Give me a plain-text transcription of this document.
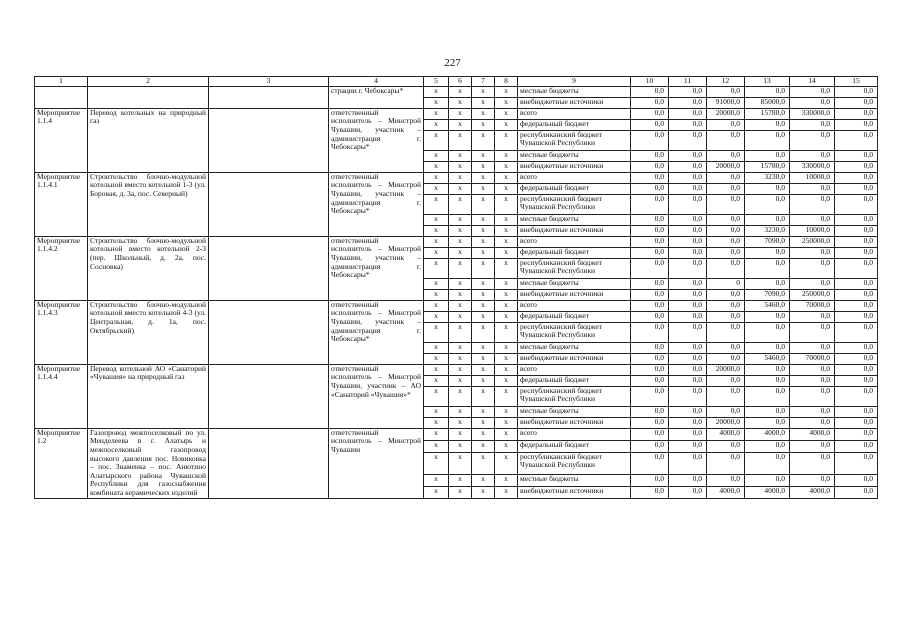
227
1	2	3	4	5	6	7	8	9	10	11	12	13	14	15
			страции г. Чебоксары*	x	x	x	x	местные бюджеты	0,0	0,0	0,0	0,0	0,0	0,0
				x	x	x	x	внебюджетные источники	0,0	0,0	91000,0	85000,0	0,0	0,0
Мероприятие 1.1.4	Перевод котельных на природный газ		ответственный исполнитель – Минстрой Чувашии, участник – администрация г. Чебоксары*	x	x	x	x	всего	0,0	0,0	20000,0	15780,0	330000,0	0,0
				x	x	x	x	федеральный бюджет	0,0	0,0	0,0	0,0	0,0	0,0
				x	x	x	x	республиканский бюджет Чувашской Республики	0,0	0,0	0,0	0,0	0,0	0,0
				x	x	x	x	местные бюджеты	0,0	0,0	0,0	0,0	0,0	0,0
				x	x	x	x	внебюджетные источники	0,0	0,0	20000,0	15780,0	330000,0	0,0
Мероприятие 1.1.4.1	Строительство блочно-модульной котельной вместо котельной 1-3 (ул. Боровая, д. 3а, пос. Северный)		ответственный исполнитель – Минстрой Чувашии, участник – администрация г. Чебоксары*	x	x	x	x	всего	0,0	0,0	0,0	3230,0	10000,0	0,0
				x	x	x	x	федеральный бюджет	0,0	0,0	0,0	0,0	0,0	0,0
				x	x	x	x	республиканский бюджет Чувашской Республики	0,0	0,0	0,0	0,0	0,0	0,0
				x	x	x	x	местные бюджеты	0,0	0,0	0,0	0,0	0,0	0,0
				x	x	x	x	внебюджетные источники	0,0	0,0	0,0	3230,0	10000,0	0,0
Мероприятие 1.1.4.2	Строительство блочно-модульной котельной вместо котельной 2-3 (пер. Школьный, д. 2а, пос. Сосновка)		ответственный исполнитель – Минстрой Чувашии, участник – администрация г. Чебоксары*	x	x	x	x	всего	0,0	0,0	0,0	7090,0	250000,0	0,0
				x	x	x	x	федеральный бюджет	0,0	0,0	0,0	0,0	0,0	0,0
				x	x	x	x	республиканский бюджет Чувашской Республики	0,0	0,0	0,0	0,0	0,0	0,0
				x	x	x	x	местные бюджеты	0,0	0,0	0	0,0	0,0	0,0
				x	x	x	x	внебюджетные источники	0,0	0,0	0,0	7090,0	250000,0	0,0
Мероприятие 1.1.4.3	Строительство блочно-модульной котельной вместо котельной 4-3 (ул. Центральная, д. 1а, пос. Октябрьский)		ответственный исполнитель – Минстрой Чувашии, участник – администрация г. Чебоксары*	x	x	x	x	всего	0,0	0,0	0,0	5460,0	70000,0	0,0
				x	x	x	x	федеральный бюджет	0,0	0,0	0,0	0,0	0,0	0,0
				x	x	x	x	республиканский бюджет Чувашской Республики	0,0	0,0	0,0	0,0	0,0	0,0
				x	x	x	x	местные бюджеты	0,0	0,0	0,0	0,0	0,0	0,0
				x	x	x	x	внебюджетные источники	0,0	0,0	0,0	5460,0	70000,0	0,0
Мероприятие 1.1.4.4	Перевод котельной АО «Санаторий «Чувашия» на природный газ		ответственный исполнитель – Минстрой Чувашии, участник – АО «Санаторий «Чувашия»*	x	x	x	x	всего	0,0	0,0	20000,0	0,0	0,0	0,0
				x	x	x	x	федеральный бюджет	0,0	0,0	0,0	0,0	0,0	0,0
				x	x	x	x	республиканский бюджет Чувашской Республики	0,0	0,0	0,0	0,0	0,0	0,0
				x	x	x	x	местные бюджеты	0,0	0,0	0,0	0,0	0,0	0,0
				x	x	x	x	внебюджетные источники	0,0	0,0	20000,0	0,0	0,0	0,0
Мероприятие 1.2	Газопровод межпоселковый по ул. Менделеева в г. Алатырь и межпоселковый газопровод высокого давления пос. Новиковка – пос. Знаменка – пос. Анютино Алатырского района Чувашской Республики для газоснабжения комбината керамических изделий		ответственный исполнитель – Минстрой Чувашии	x	x	x	x	всего	0,0	0,0	4000,0	4000,0	4000,0	0,0
				x	x	x	x	федеральный бюджет	0,0	0,0	0,0	0,0	0,0	0,0
				x	x	x	x	республиканский бюджет Чувашской Республики	0,0	0,0	0,0	0,0	0,0	0,0
				x	x	x	x	местные бюджеты	0,0	0,0	0,0	0,0	0,0	0,0
				x	x	x	x	внебюджетные источники	0,0	0,0	4000,0	4000,0	4000,0	0,0
